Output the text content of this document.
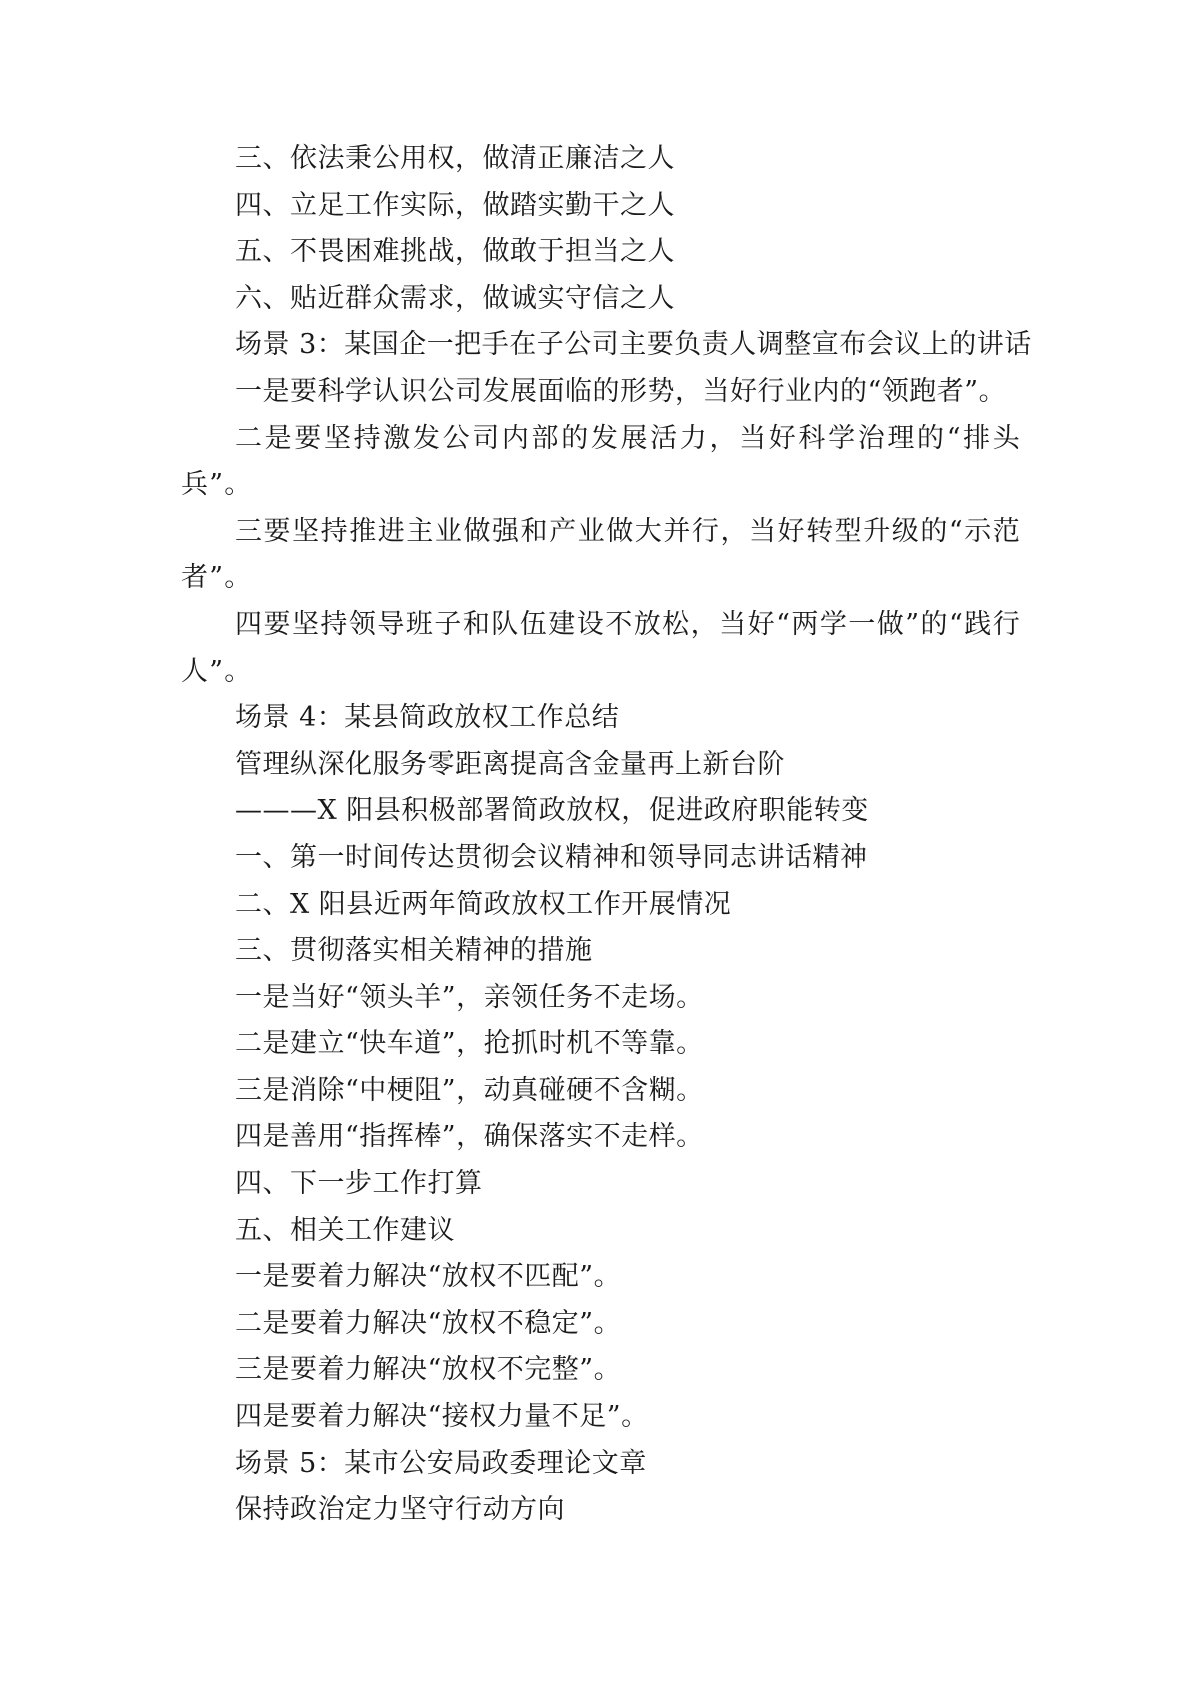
三、依法秉公用权，做清正廉洁之人
四、立足工作实际，做踏实勤干之人
五、不畏困难挑战，做敢于担当之人
六、贴近群众需求，做诚实守信之人
场景 3：某国企一把手在子公司主要负责人调整宣布会议上的讲话
一是要科学认识公司发展面临的形势，当好行业内的“领跑者”。
二是要坚持激发公司内部的发展活力，当好科学治理的“排头兵”。
三要坚持推进主业做强和产业做大并行，当好转型升级的“示范者”。
四要坚持领导班子和队伍建设不放松，当好“两学一做”的“践行人”。
场景 4：某县简政放权工作总结
管理纵深化服务零距离提高含金量再上新台阶
———X 阳县积极部署简政放权，促进政府职能转变
一、第一时间传达贯彻会议精神和领导同志讲话精神
二、X 阳县近两年简政放权工作开展情况
三、贯彻落实相关精神的措施
一是当好“领头羊”，亲领任务不走场。
二是建立“快车道”，抢抓时机不等靠。
三是消除“中梗阻”，动真碰硬不含糊。
四是善用“指挥棒”，确保落实不走样。
四、下一步工作打算
五、相关工作建议
一是要着力解决“放权不匹配”。
二是要着力解决“放权不稳定”。
三是要着力解决“放权不完整”。
四是要着力解决“接权力量不足”。
场景 5：某市公安局政委理论文章
保持政治定力坚守行动方向
